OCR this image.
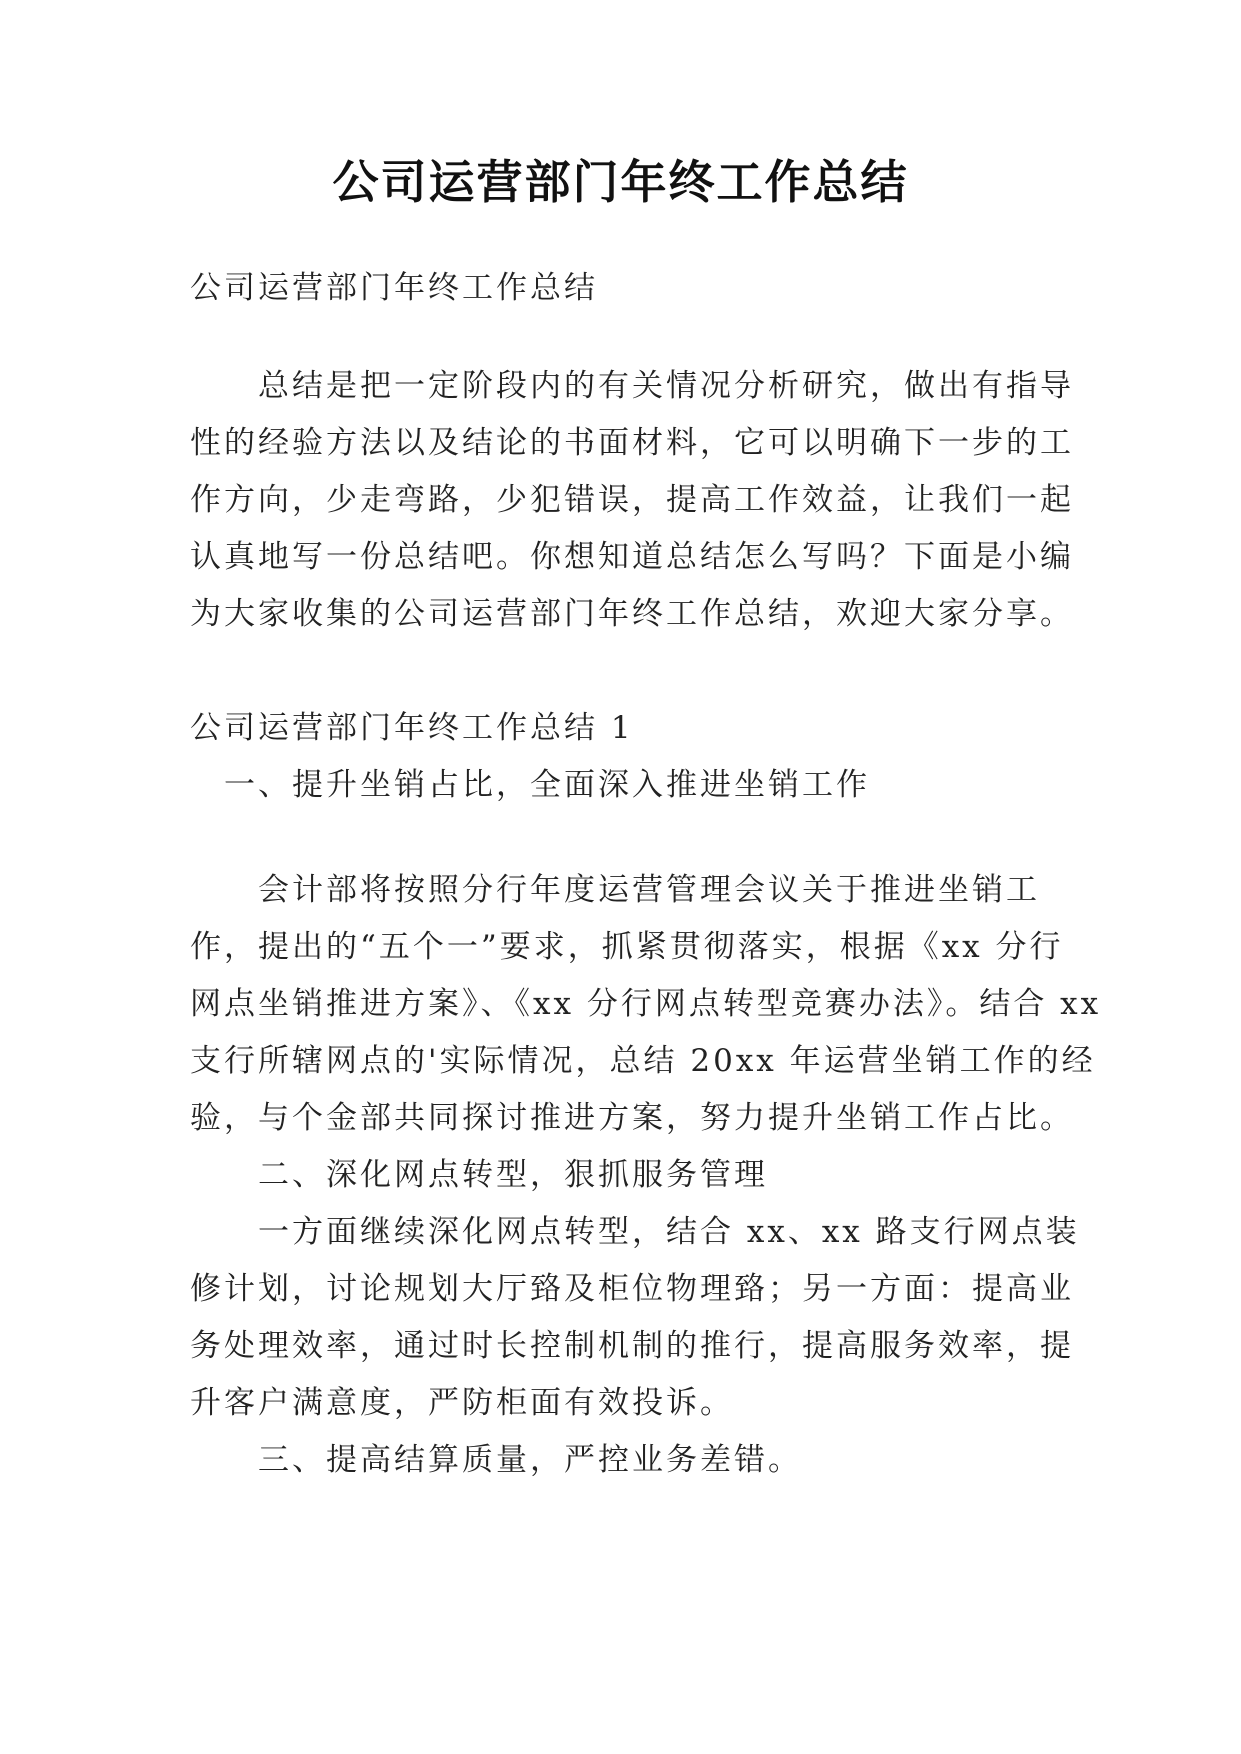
公司运营部门年终工作总结
公司运营部门年终工作总结
　　总结是把一定阶段内的有关情况分析研究，做出有指导
性的经验方法以及结论的书面材料，它可以明确下一步的工
作方向，少走弯路，少犯错误，提高工作效益，让我们一起
认真地写一份总结吧。你想知道总结怎么写吗？下面是小编
为大家收集的公司运营部门年终工作总结，欢迎大家分享。
公司运营部门年终工作总结 1
　一、提升坐销占比，全面深入推进坐销工作
　　会计部将按照分行年度运营管理会议关于推进坐销工
作，提出的“五个一”要求，抓紧贯彻落实，根据《xx 分行
网点坐销推进方案》、《xx 分行网点转型竞赛办法》。结合 xx
支行所辖网点的'实际情况，总结 20xx 年运营坐销工作的经
验，与个金部共同探讨推进方案，努力提升坐销工作占比。
　　二、深化网点转型，狠抓服务管理
　　一方面继续深化网点转型，结合 xx、xx 路支行网点装
修计划，讨论规划大厅臵及柜位物理臵；另一方面：提高业
务处理效率，通过时长控制机制的推行，提高服务效率，提
升客户满意度，严防柜面有效投诉。
　　三、提高结算质量，严控业务差错。
